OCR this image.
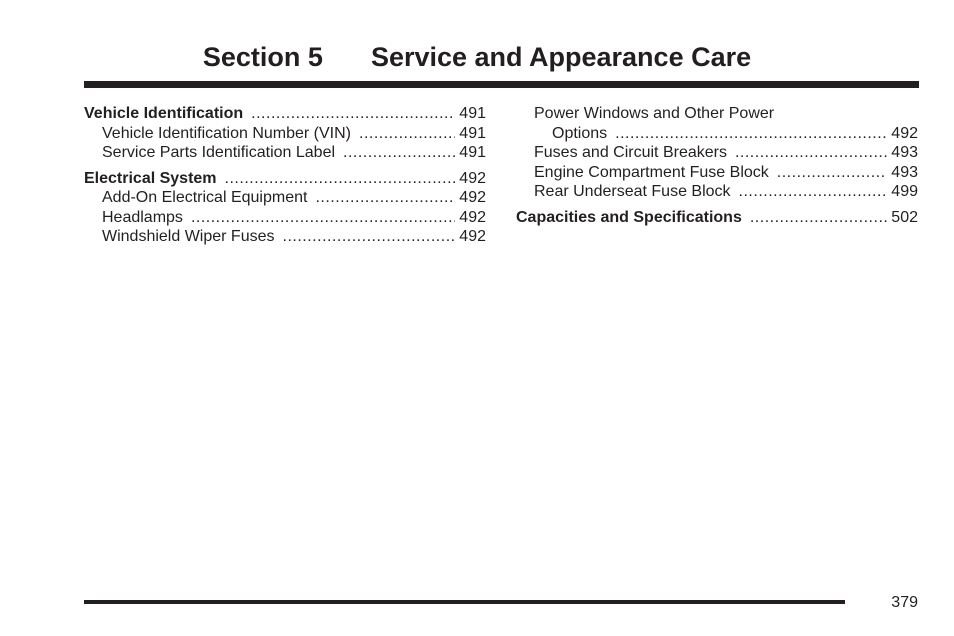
Section 5 Service and Appearance Care
Vehicle Identification .....	491
Vehicle Identification Number (VIN) .....	491
Service Parts Identification Label .....	491
Electrical System .....	492
Add-On Electrical Equipment .....	492
Headlamps .....	492
Windshield Wiper Fuses .....	492
Power Windows and Other Power
Options .....	492
Fuses and Circuit Breakers .....	493
Engine Compartment Fuse Block .....	493
Rear Underseat Fuse Block .....	499
Capacities and Specifications .....	502
379
